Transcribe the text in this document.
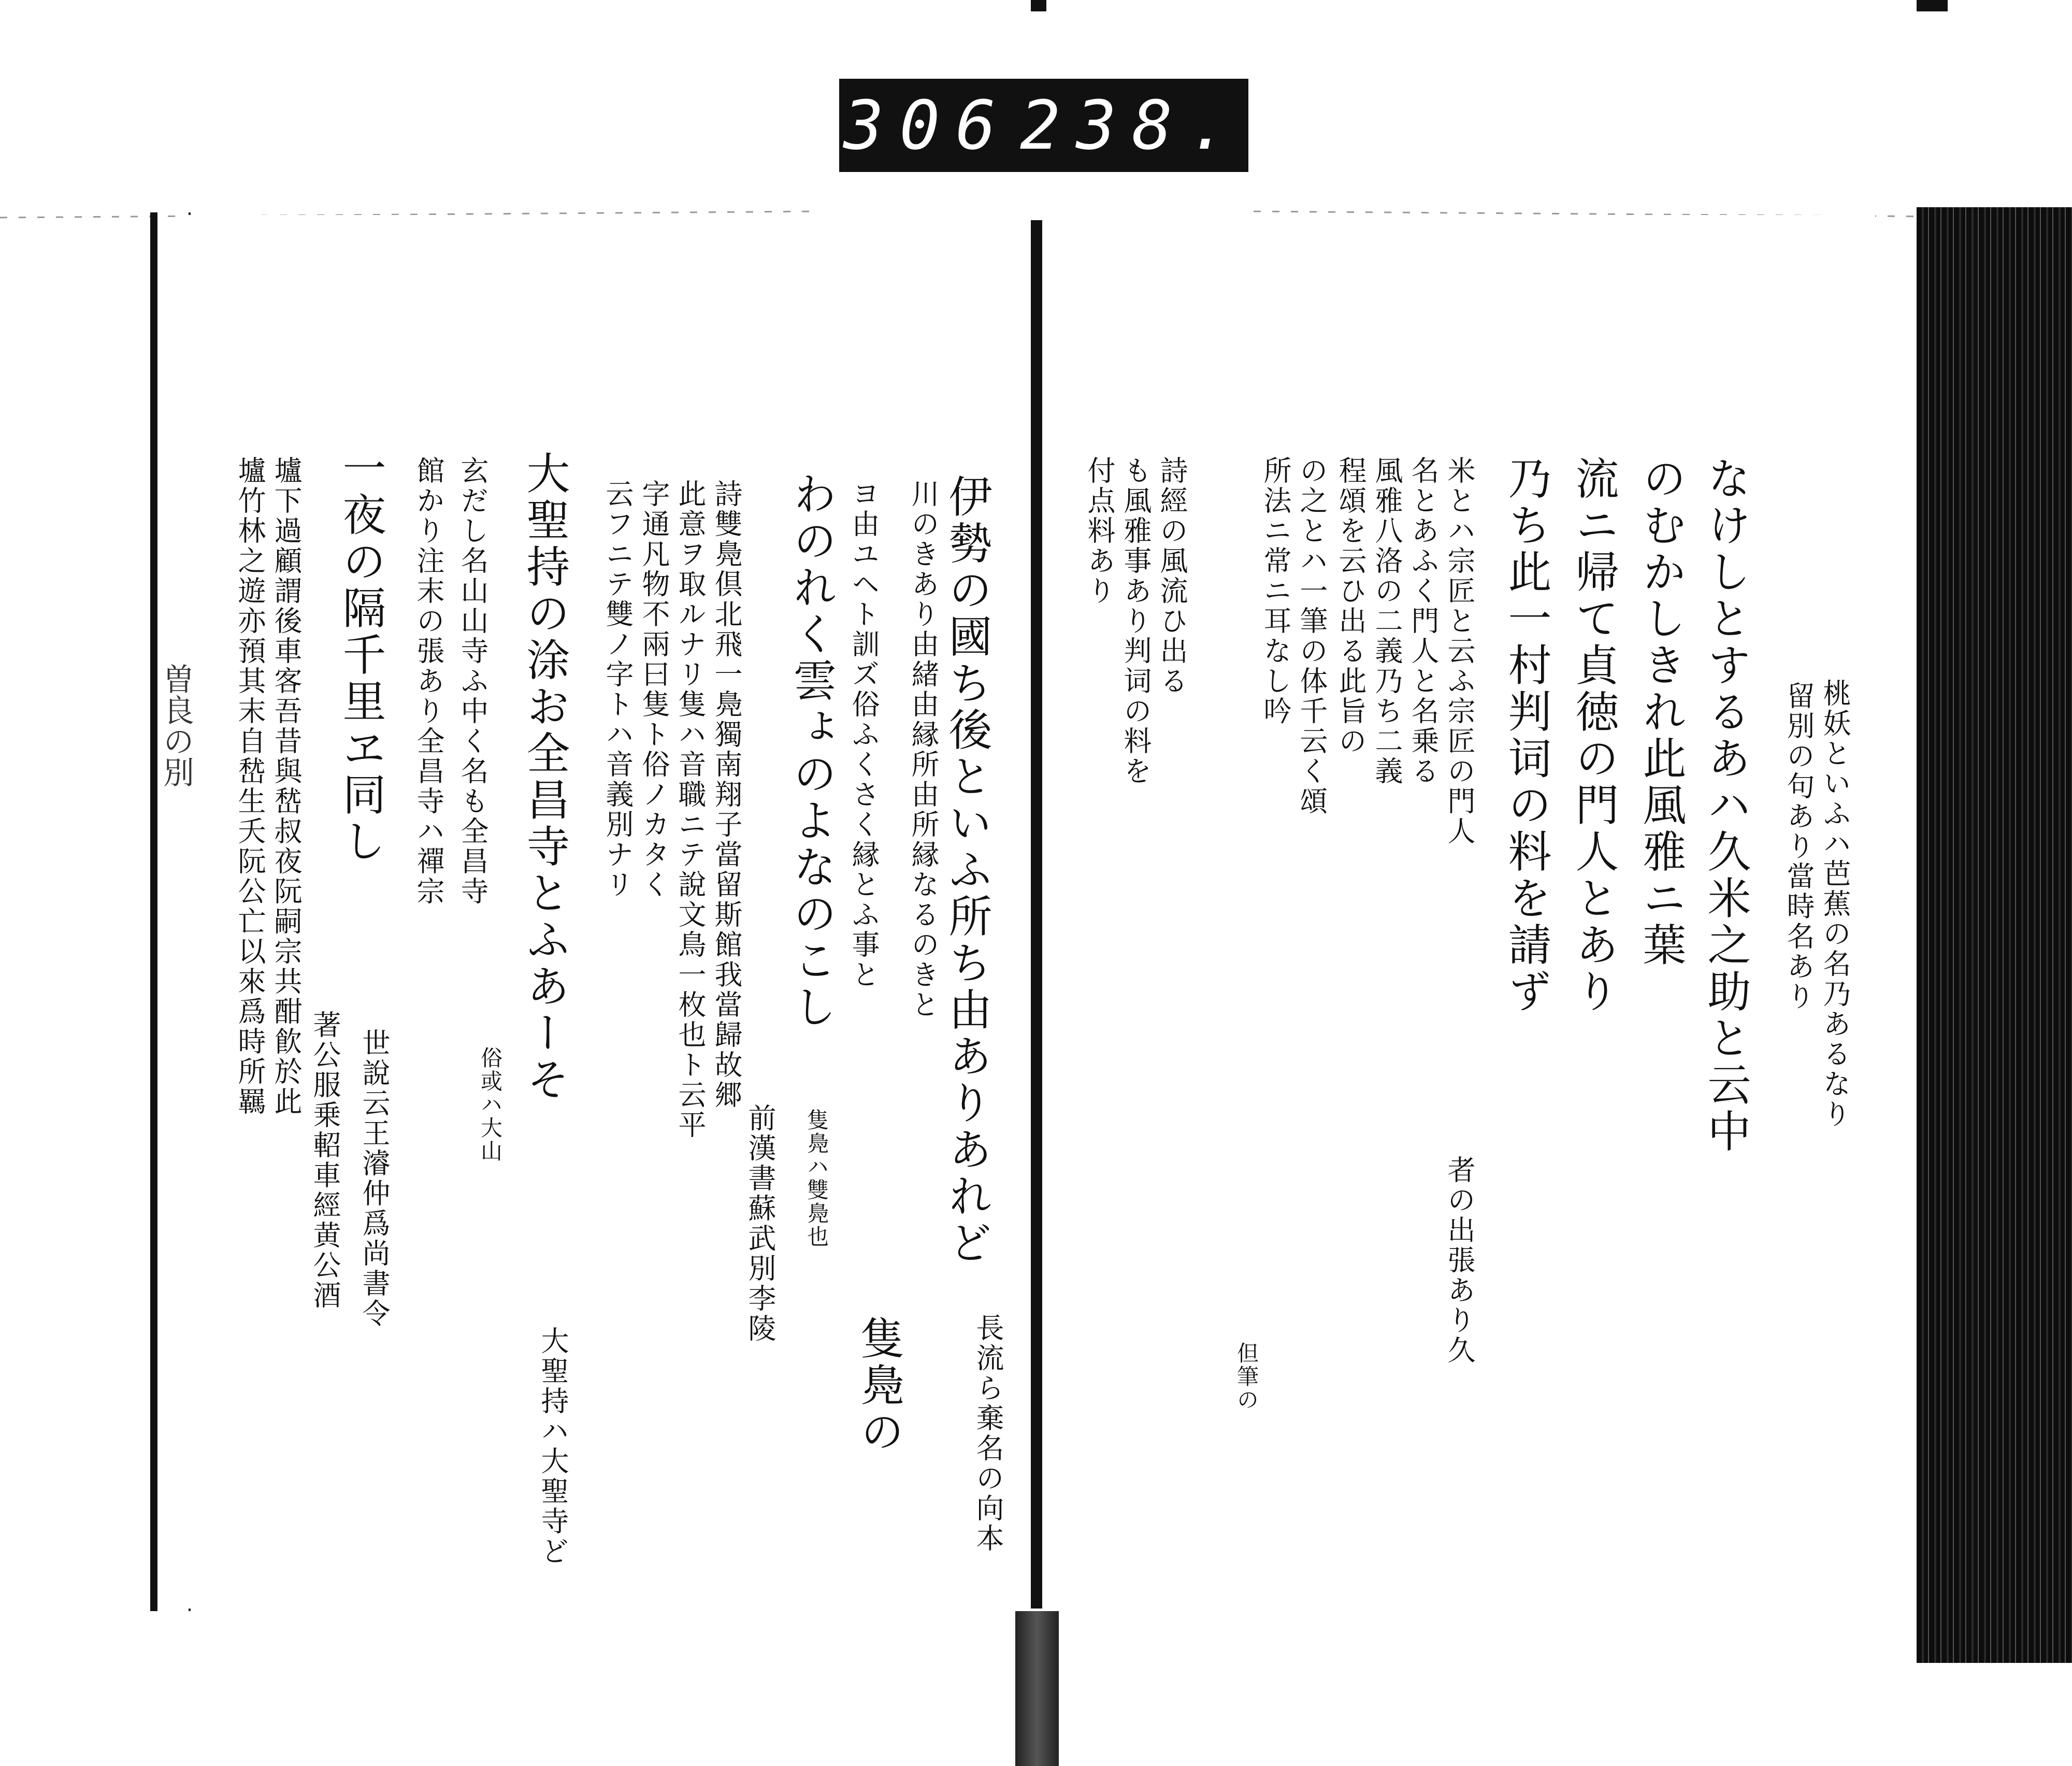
306 238.
曽良の別	伊勢の國ち後といふ所ち由ありあれど
長流ら棄名の向本
川のきあり由緒由縁所由所縁なるのきと
ヨ由ユヘト訓ズ俗ふくさく縁とふ事と
隻鳧の
わのれく雲ょのよなのこし
隻鳧ハ雙鳧也
詩雙鳧倶北飛一鳧獨南翔子當留斯館我當歸故郷
前漢書蘇武別李陵
此意ヲ取ルナリ隻ハ音職ニテ說文鳥一枚也ト云平
字通凡物不兩曰隻ト俗ノカタく
云フニテ雙ノ字トハ音義別ナリ
大聖持の涂お全昌寺とふあーそ
大聖持ハ大聖寺ど
玄だし名山山寺ふ中く名も全昌寺
俗或ハ大山
館かり注末の張あり全昌寺ハ禪宗
一夜の隔千里ヱ同し
世說云王濬仲爲尚書令
壚下過顧謂後車客吾昔與嵆叔夜阮嗣宗共酣飮於此
著公服乗軺車經黄公酒
壚竹林之遊亦預其末自嵆生夭阮公亡以來爲時所羈	桃妖といふハ芭蕉の名乃あるなり
留別の句あり當時名あり
なけしとするあハ久米之助と云中
のむかしきれ此風雅ニ葉
流ニ帰て貞徳の門人とあり
乃ち此一村判词の料を請ず
米とハ宗匠と云ふ宗匠の門人
者の出張あり久
名とあふく門人と名乗る
風雅八洛の二義乃ち二義
程頌を云ひ出る此旨の
の之とハ一筆の体千云く頌
所法ニ常ニ耳なし吟
但筆の
詩經の風流ひ出る
も風雅事あり判词の料を
付点料あり
